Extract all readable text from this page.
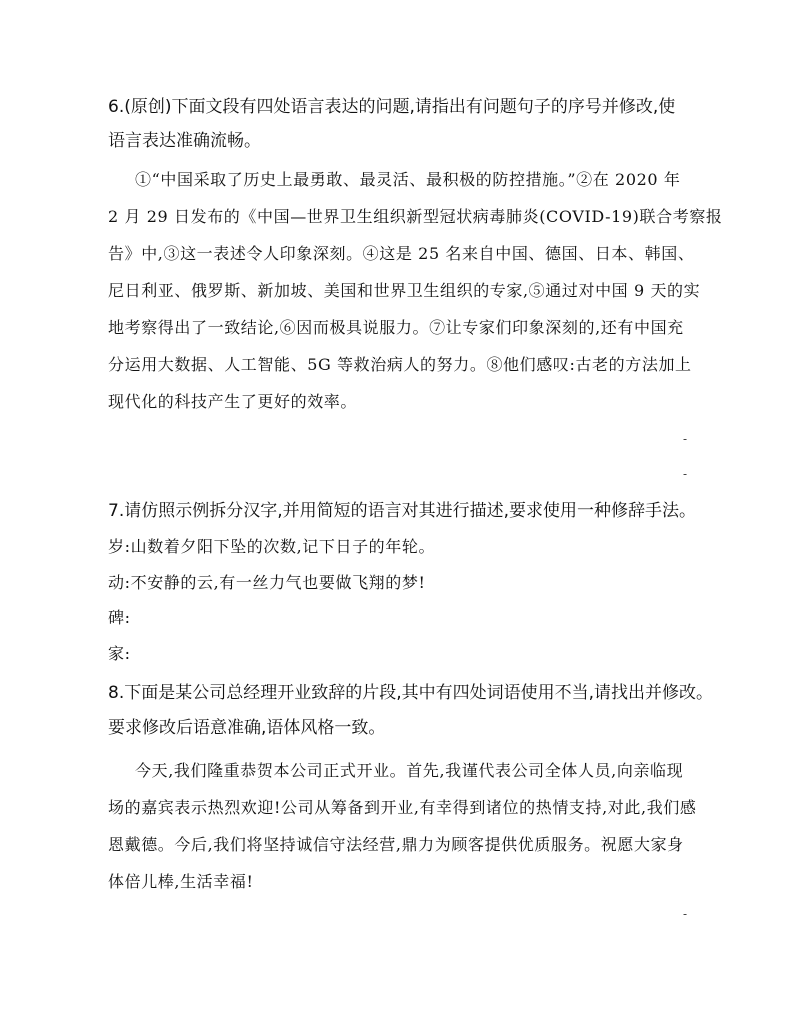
6.(原创)下面文段有四处语言表达的问题,请指出有问题句子的序号并修改,使
语言表达准确流畅。
①“中国采取了历史上最勇敢、最灵活、最积极的防控措施。”②在 2020 年
2 月 29 日发布的《中国—世界卫生组织新型冠状病毒肺炎(COVID-19)联合考察报
告》中,③这一表述令人印象深刻。④这是 25 名来自中国、德国、日本、韩国、
尼日利亚、俄罗斯、新加坡、美国和世界卫生组织的专家,⑤通过对中国 9 天的实
地考察得出了一致结论,⑥因而极具说服力。⑦让专家们印象深刻的,还有中国充
分运用大数据、人工智能、5G 等救治病人的努力。⑧他们感叹:古老的方法加上
现代化的科技产生了更好的效率。
-
-
7.请仿照示例拆分汉字,并用简短的语言对其进行描述,要求使用一种修辞手法。
岁:山数着夕阳下坠的次数,记下日子的年轮。
动:不安静的云,有一丝力气也要做飞翔的梦!
碑:
家:
8.下面是某公司总经理开业致辞的片段,其中有四处词语使用不当,请找出并修改。
要求修改后语意准确,语体风格一致。
今天,我们隆重恭贺本公司正式开业。首先,我谨代表公司全体人员,向亲临现
场的嘉宾表示热烈欢迎!公司从筹备到开业,有幸得到诸位的热情支持,对此,我们感
恩戴德。今后,我们将坚持诚信守法经营,鼎力为顾客提供优质服务。祝愿大家身
体倍儿棒,生活幸福!
-
